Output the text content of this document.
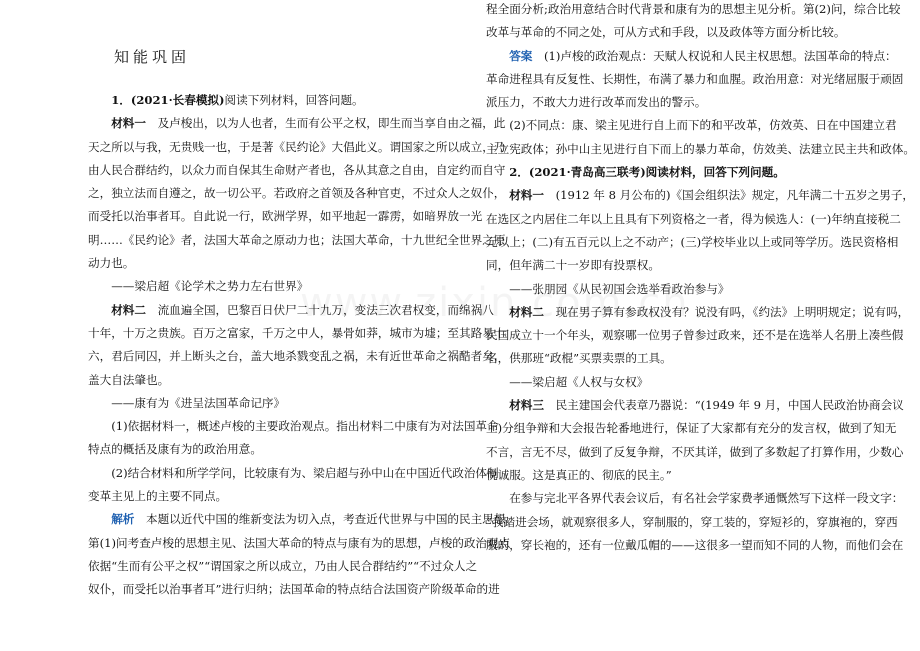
知能巩固

1．(2021·长春模拟)阅读下列材料，回答问题。

材料一　及卢梭出，以为人也者，生而有公平之权，即生而当享自由之福，此

天之所以与我，无贵贱一也，于是著《民约论》大倡此义。谓国家之所以成立，乃

由人民合群结约，以众力而自保其生命财产者也，各从其意之自由，自定约而自守

之，独立法而自遵之，故一切公平。若政府之首领及各种官吏，不过众人之奴仆，

而受托以治事者耳。自此说一行，欧洲学界，如平地起一霹雳，如暗界放一光

明……《民约论》者，法国大革命之原动力也；法国大革命，十九世纪全世界之原

动力也。

——梁启超《论学术之势力左右世界》

材料二　流血遍全国，巴黎百日伏尸二十九万，变法三次君权变，而绵祸八

十年，十万之贵族。百万之富家，千万之中人，暴骨如莽，城市为墟；至其路易十

六，君后同囚，并上断头之台，盖大地杀戮变乱之祸，未有近世革命之祸酷者矣，

盖大自法肇也。

——康有为《进呈法国革命记序》

(1)依据材料一，概述卢梭的主要政治观点。指出材料二中康有为对法国革命

特点的概括及康有为的政治用意。

(2)结合材料和所学学问，比较康有为、梁启超与孙中山在中国近代政治体制

变革主见上的主要不同点。

解析　本题以近代中国的维新变法为切入点，考查近代世界与中国的民主思想。

第(1)问考查卢梭的思想主见、法国大革命的特点与康有为的思想，卢梭的政治观点

依据“生而有公平之权”“谓国家之所以成立，乃由人民合群结约”“不过众人之

奴仆，而受托以治事者耳”进行归纳；法国革命的特点结合法国资产阶级革命的进

程全面分析;政治用意结合时代背景和康有为的思想主见分析。第(2)问，综合比较

改革与革命的不同之处，可从方式和手段，以及政体等方面分析比较。

答案　(1)卢梭的政治观点：天赋人权说和人民主权思想。法国革命的特点：

革命进程具有反复性、长期性，布满了暴力和血腥。政治用意：对光绪屈服于顽固

派压力，不敢大力进行改革而发出的警示。

(2)不同点：康、梁主见进行自上而下的和平改革，仿效英、日在中国建立君

主立宪政体；孙中山主见进行自下而上的暴力革命，仿效美、法建立民主共和政体。

2．(2021·青岛高三联考)阅读材料，回答下列问题。

材料一　(1912 年 8 月公布的)《国会组织法》规定，凡年满二十五岁之男子，

在选区之内居住二年以上且具有下列资格之一者，得为候选人：(一)年纳直接税二

元以上；(二)有五百元以上之不动产；(三)学校毕业以上或同等学历。选民资格相

同，但年满二十一岁即有投票权。

——张朋园《从民初国会选举看政治参与》

材料二　现在男子算有参政权没有？说没有吗，《约法》上明明规定；说有吗，

民国成立十一个年头，观察哪一位男子曾参过政来，还不是在选举人名册上凑些假

名，供那班“政棍”买票卖票的工具。

——梁启超《人权与女权》

材料三　民主建国会代表章乃器说：“(1949 年 9 月，中国人民政治协商会议

上)分组争辩和大会报告轮番地进行，保证了大家都有充分的发言权，做到了知无

不言，言无不尽，做到了反复争辩，不厌其详，做到了多数起了打算作用，少数心

悦诚服。这是真正的、彻底的民主。”

在参与完北平各界代表会议后，有名社会学家费孝通慨然写下这样一段文字：

“我踏进会场，就观察很多人，穿制服的，穿工装的，穿短衫的，穿旗袍的，穿西

服的，穿长袍的，还有一位戴瓜帽的——这很多一望而知不同的人物，而他们会在
